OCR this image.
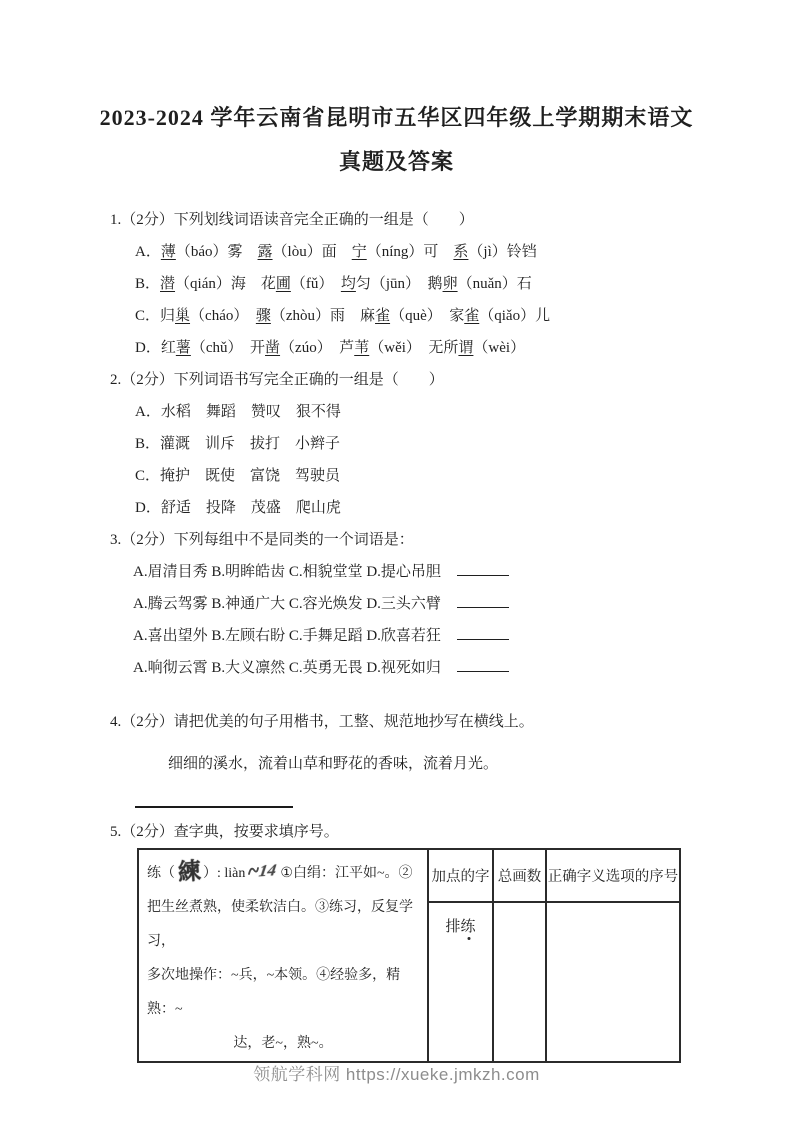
2023-2024 学年云南省昆明市五华区四年级上学期期末语文
真题及答案
1.（2分）下列划线词语读音完全正确的一组是（　　）
A．薄（báo）雾　露（lòu）面　宁（níng）可　系（jì）铃铛
B．潜（qián）海　花圃（fǔ）　均匀（jūn）　鹅卵（nuǎn）石
C．归巢（cháo）　骤（zhòu）雨　麻雀（què）　家雀（qiǎo）儿
D．红薯（chǔ）　开凿（zúo）　芦苇（wěi）　无所谓（wèi）
2.（2分）下列词语书写完全正确的一组是（　　）
A．水稻　舞蹈　赞叹　狠不得
B．灌溉　训斥　拔打　小辫子
C．掩护　既使　富饶　驾驶员
D．舒适　投降　茂盛　爬山虎
3.（2分）下列每组中不是同类的一个词语是：
A.眉清目秀 B.明眸皓齿 C.相貌堂堂 D.提心吊胆
A.腾云驾雾 B.神通广大 C.容光焕发 D.三头六臂
A.喜出望外 B.左顾右盼 C.手舞足蹈 D.欣喜若狂
A.响彻云霄 B.大义凛然 C.英勇无畏 D.视死如归
4.（2分）请把优美的句子用楷书，工整、规范地抄写在横线上。
细细的溪水，流着山草和野花的香味，流着月光。
5.（2分）查字典，按要求填序号。
练（練 ）: liàn 14 ①白绢：江平如~。②
把生丝煮熟，使柔软洁白。③练习，反复学习，
多次地操作：~兵，~本领。④经验多，精熟：~
达，老~，熟~。	加点的字	总画数	正确字义选项的序号
	排练		
领航学科网 https://xueke.jmkzh.com
